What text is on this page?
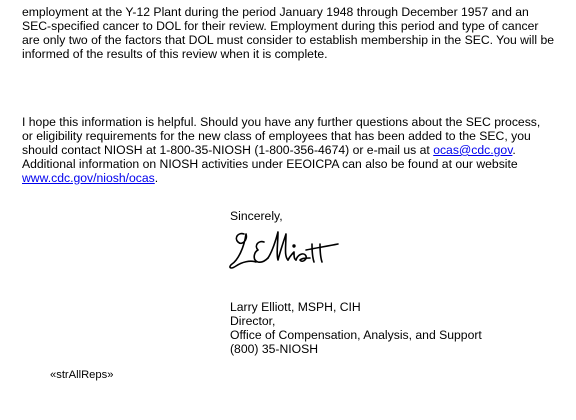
employment at the Y-12 Plant during the period January 1948 through December 1957 and an SEC-specified cancer to DOL for their review. Employment during this period and type of cancer are only two of the factors that DOL must consider to establish membership in the SEC. You will be informed of the results of this review when it is complete.

I hope this information is helpful. Should you have any further questions about the SEC process, or eligibility requirements for the new class of employees that has been added to the SEC, you should contact NIOSH at 1-800-35-NIOSH (1-800-356-4674) or e-mail us at ocas@cdc.gov. Additional information on NIOSH activities under EEOICPA can also be found at our website www.cdc.gov/niosh/ocas.

Sincerely,
Larry Elliott, MSPH, CIH
Director,
Office of Compensation, Analysis, and Support
(800) 35-NIOSH
«strAllReps»
